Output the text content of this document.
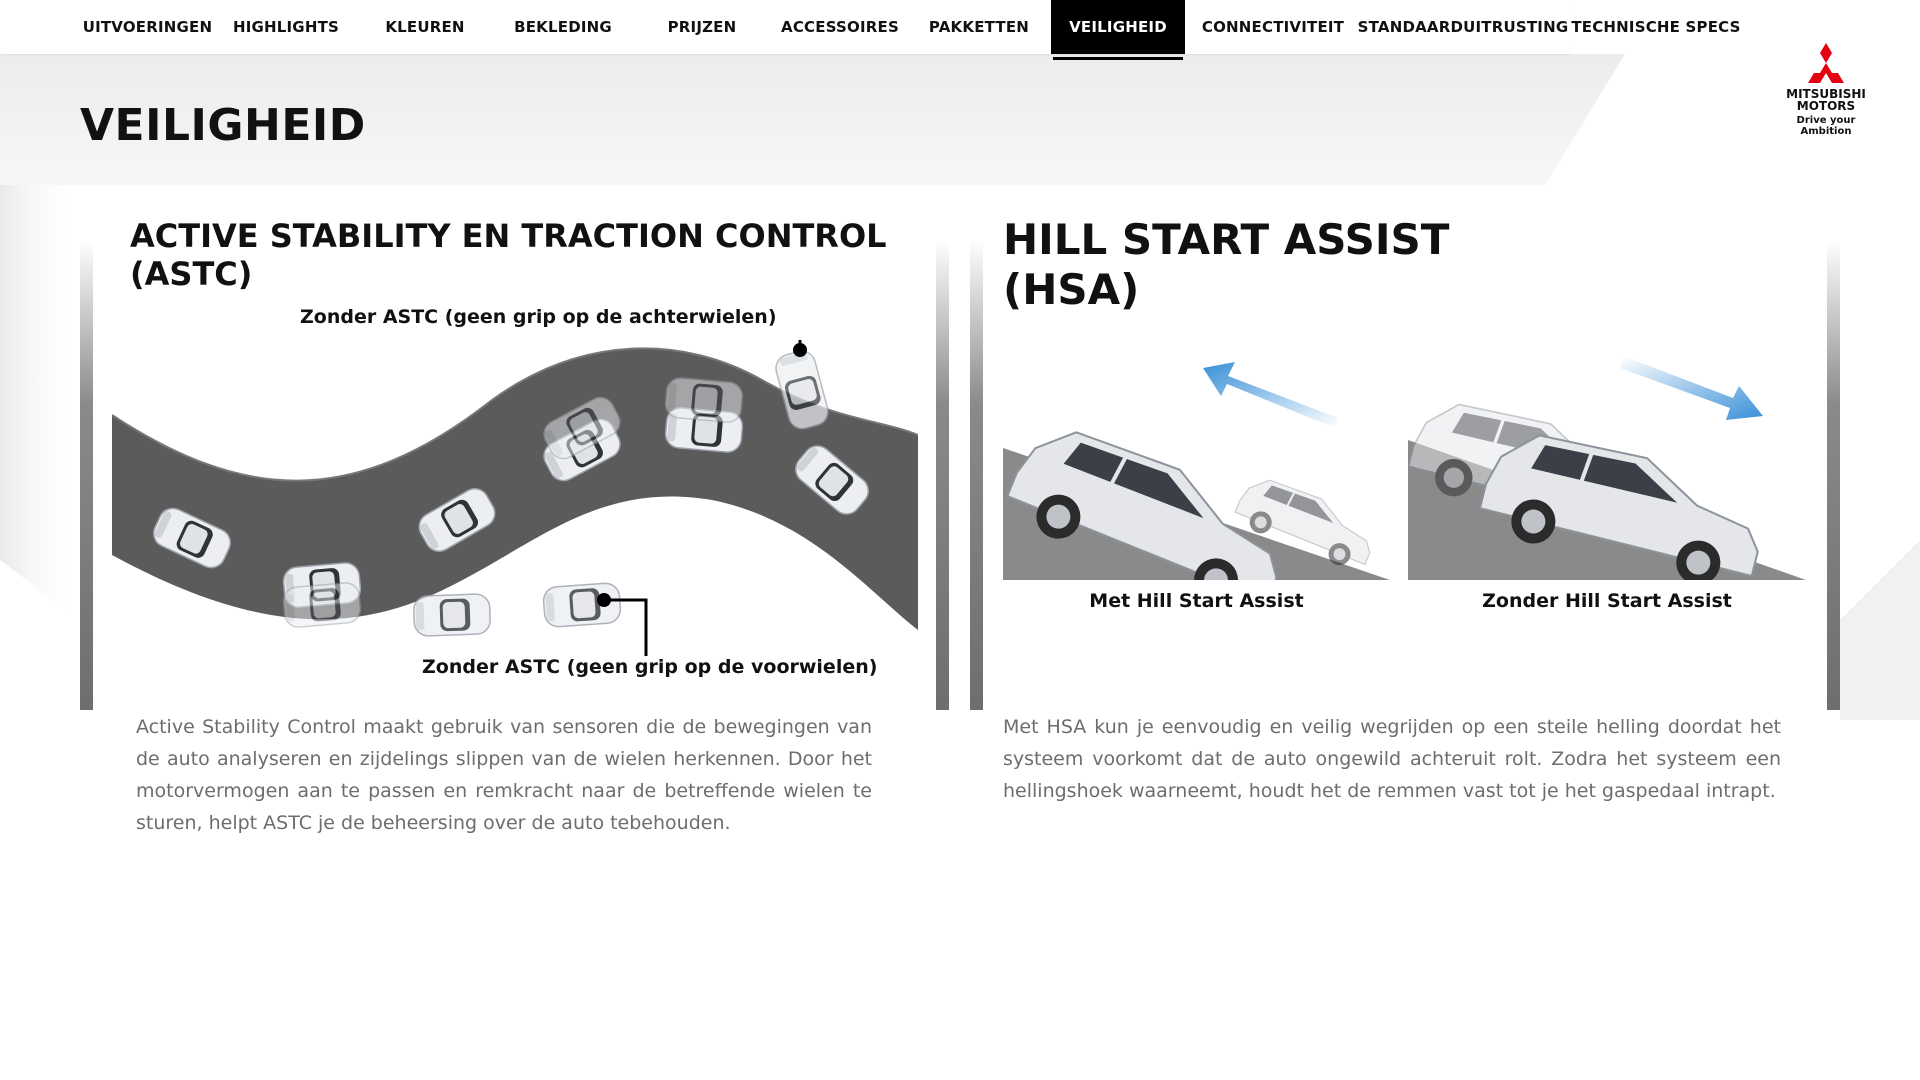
UITVOERINGEN	HIGHLIGHTS	KLEUREN	BEKLEDING	PRIJZEN	ACCESSOIRES	PAKKETTEN	VEILIGHEID	CONNECTIVITEIT STANDAARDUITRUSTING TECHNISCHE SPECS
MITSUBISHI
MOTORS
Drive your Ambition
VEILIGHEID
ACTIVE STABILITY EN TRACTION CONTROL
(ASTC)
Zonder ASTC (geen grip op de achterwielen)
Zonder ASTC (geen grip op de voorwielen)

Active Stability Control maakt gebruik van sensoren die de bewegingen van de auto analyseren en zijdelings slippen van de wielen herkennen. Door het motorvermogen aan te passen en remkracht naar de betreffende wielen te sturen, helpt ASTC je de beheersing over de auto tebehouden.

HILL START ASSIST
(HSA)
Met Hill Start Assist	Zonder Hill Start Assist

Met HSA kun je eenvoudig en veilig wegrijden op een steile helling doordat het systeem voorkomt dat de auto ongewild achteruit rolt. Zodra het systeem een hellingshoek waarneemt, houdt het de remmen vast tot je het gaspedaal intrapt.
